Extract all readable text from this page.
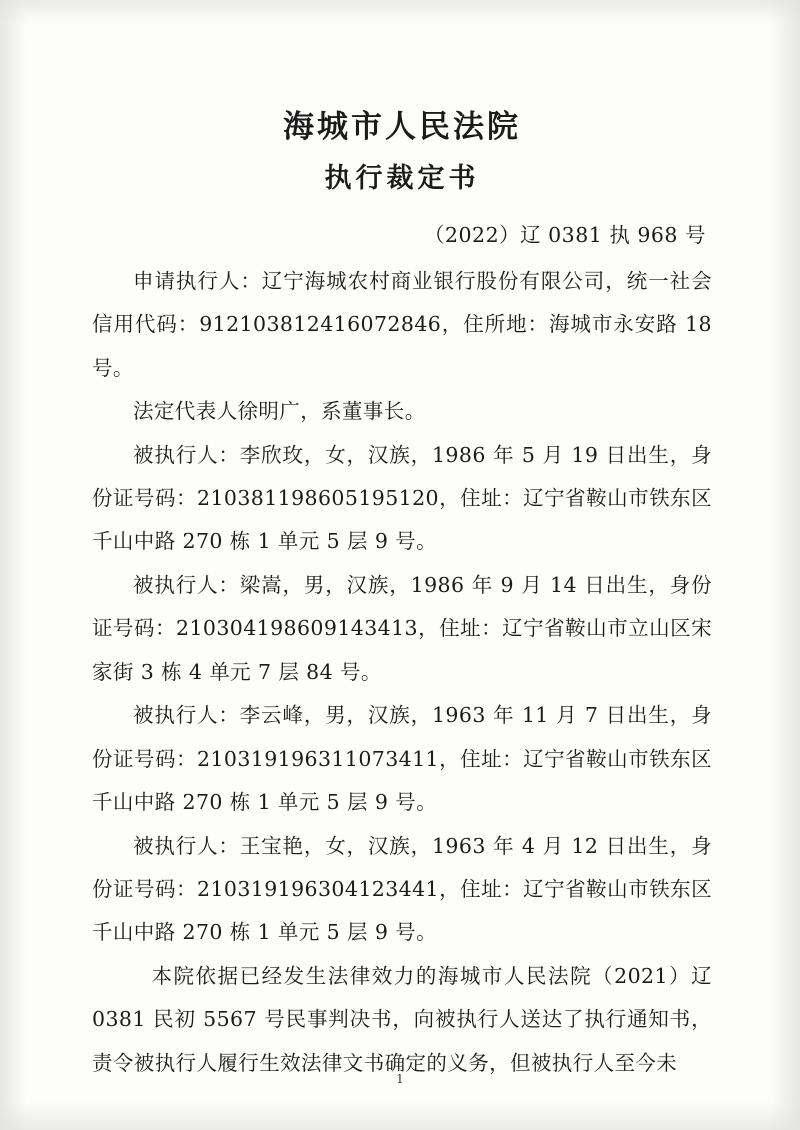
海城市人民法院
执行裁定书
（2022）辽 0381 执 968 号

申请执行人：辽宁海城农村商业银行股份有限公司，统一社会信用代码：912103812416072846，住所地：海城市永安路 18 号。

法定代表人徐明广，系董事长。

被执行人：李欣玫，女，汉族，1986 年 5 月 19 日出生，身份证号码：210381198605195120，住址：辽宁省鞍山市铁东区千山中路 270 栋 1 单元 5 层 9 号。

被执行人：梁嵩，男，汉族，1986 年 9 月 14 日出生，身份证号码：210304198609143413，住址：辽宁省鞍山市立山区宋家街 3 栋 4 单元 7 层 84 号。

被执行人：李云峰，男，汉族，1963 年 11 月 7 日出生，身份证号码：210319196311073411，住址：辽宁省鞍山市铁东区千山中路 270 栋 1 单元 5 层 9 号。

被执行人：王宝艳，女，汉族，1963 年 4 月 12 日出生，身份证号码：210319196304123441，住址：辽宁省鞍山市铁东区千山中路 270 栋 1 单元 5 层 9 号。

本院依据已经发生法律效力的海城市人民法院（2021）辽 0381 民初 5567 号民事判决书，向被执行人送达了执行通知书，责令被执行人履行生效法律文书确定的义务，但被执行人至今未

1
